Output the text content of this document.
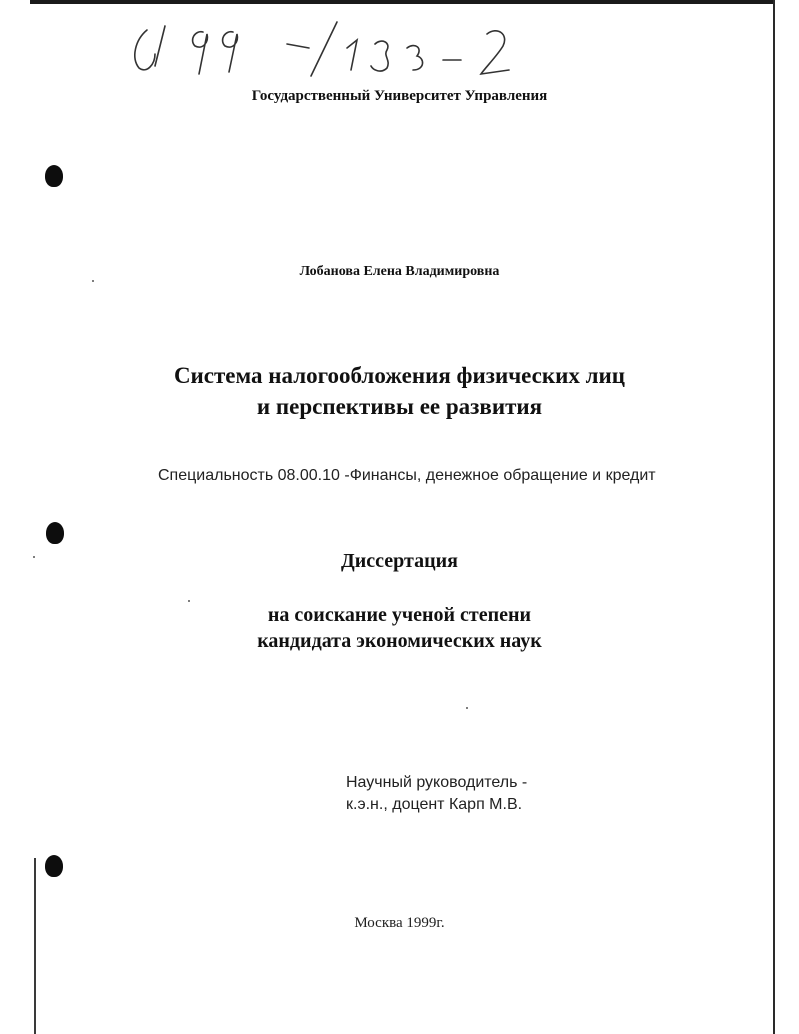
Государственный Университет Управления
Лобанова Елена Владимировна
Система налогообложения физических лиц
и перспективы ее развития
Специальность 08.00.10 -Финансы, денежное обращение и кредит
Диссертация
на соискание ученой степени
кандидата экономических наук
Научный руководитель -
к.э.н., доцент Карп М.В.
Москва 1999г.
